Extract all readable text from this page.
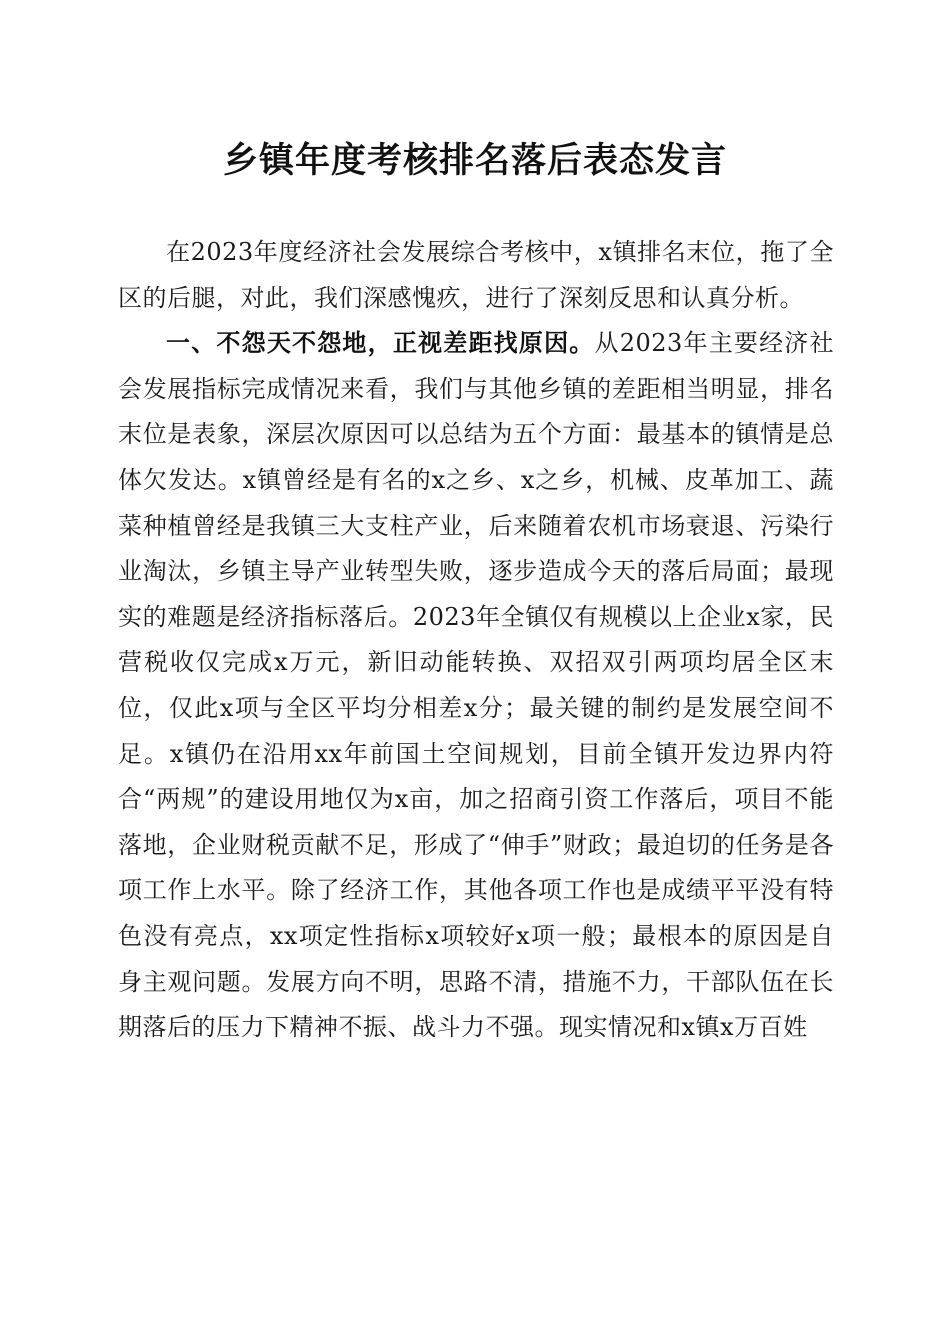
乡镇年度考核排名落后表态发言

在2023年度经济社会发展综合考核中，x镇排名末位，拖了全区的后腿，对此，我们深感愧疚，进行了深刻反思和认真分析。

一、不怨天不怨地，正视差距找原因。从2023年主要经济社会发展指标完成情况来看，我们与其他乡镇的差距相当明显，排名末位是表象，深层次原因可以总结为五个方面：最基本的镇情是总体欠发达。x镇曾经是有名的x之乡、x之乡，机械、皮革加工、蔬菜种植曾经是我镇三大支柱产业，后来随着农机市场衰退、污染行业淘汰，乡镇主导产业转型失败，逐步造成今天的落后局面；最现实的难题是经济指标落后。2023年全镇仅有规模以上企业x家，民营税收仅完成x万元，新旧动能转换、双招双引两项均居全区末位，仅此x项与全区平均分相差x分；最关键的制约是发展空间不足。x镇仍在沿用xx年前国土空间规划，目前全镇开发边界内符合“两规”的建设用地仅为x亩，加之招商引资工作落后，项目不能落地，企业财税贡献不足，形成了“伸手”财政；最迫切的任务是各项工作上水平。除了经济工作，其他各项工作也是成绩平平没有特色没有亮点，xx项定性指标x项较好x项一般；最根本的原因是自身主观问题。发展方向不明，思路不清，措施不力，干部队伍在长期落后的压力下精神不振、战斗力不强。现实情况和x镇x万百姓
